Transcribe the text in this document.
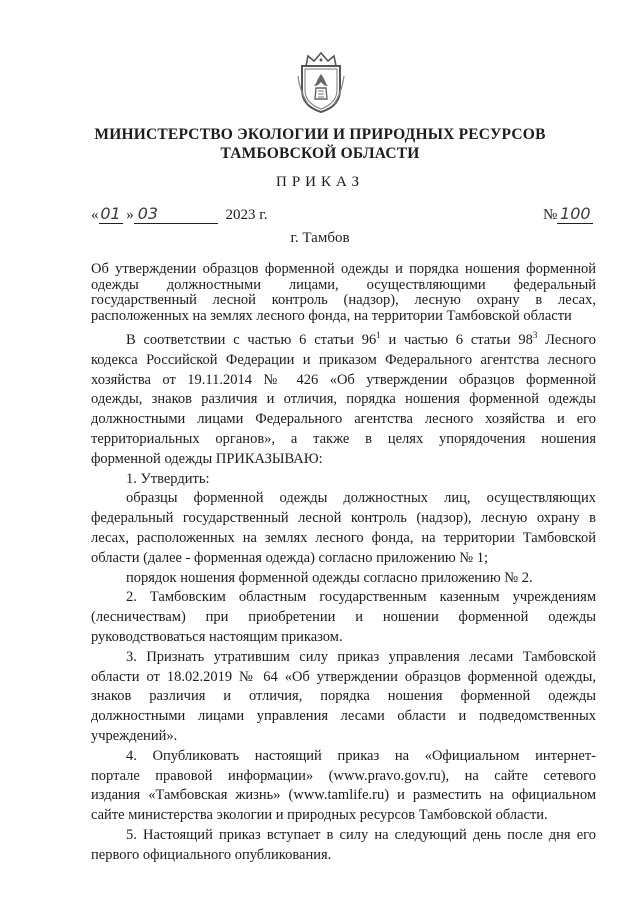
МИНИСТЕРСТВО ЭКОЛОГИИ И ПРИРОДНЫХ РЕСУРСОВ
ТАМБОВСКОЙ ОБЛАСТИ
ПРИКАЗ
« 01 » 03	2023 г.	№ 100
г. Тамбов
Об утверждении образцов форменной одежды и порядка ношения форменной
одежды должностными лицами, осуществляющими федеральный
государственный лесной контроль (надзор), лесную охрану в лесах,
расположенных на землях лесного фонда, на территории Тамбовской области
В соответствии с частью 6 статьи $96^1$ и частью 6 статьи $98^3$ Лесного
кодекса Российской Федерации и приказом Федерального агентства лесного
хозяйства от 19.11.2014 № 426 «Об утверждении образцов форменной
одежды, знаков различия и отличия, порядка ношения форменной одежды
должностными лицами Федерального агентства лесного хозяйства и его
территориальных органов», а также в целях упорядочения ношения
форменной одежды ПРИКАЗЫВАЮ:
1. Утвердить:
образцы форменной одежды должностных лиц, осуществляющих
федеральный государственный лесной контроль (надзор), лесную охрану в
лесах, расположенных на землях лесного фонда, на территории Тамбовской
области (далее - форменная одежда) согласно приложению № 1;
порядок ношения форменной одежды согласно приложению № 2.
2. Тамбовским областным государственным казенным учреждениям
(лесничествам) при приобретении и ношении форменной одежды
руководствоваться настоящим приказом.
3. Признать утратившим силу приказ управления лесами Тамбовской
области от 18.02.2019 № 64 «Об утверждении образцов форменной одежды,
знаков различия и отличия, порядка ношения форменной одежды
должностными лицами управления лесами области и подведомственных
учреждений».
4. Опубликовать настоящий приказ на «Официальном интернет-
портале правовой информации» (www.pravo.gov.ru), на сайте сетевого
издания «Тамбовская жизнь» (www.tamlife.ru) и разместить на официальном
сайте министерства экологии и природных ресурсов Тамбовской области.
5. Настоящий приказ вступает в силу на следующий день после дня его
первого официального опубликования.
